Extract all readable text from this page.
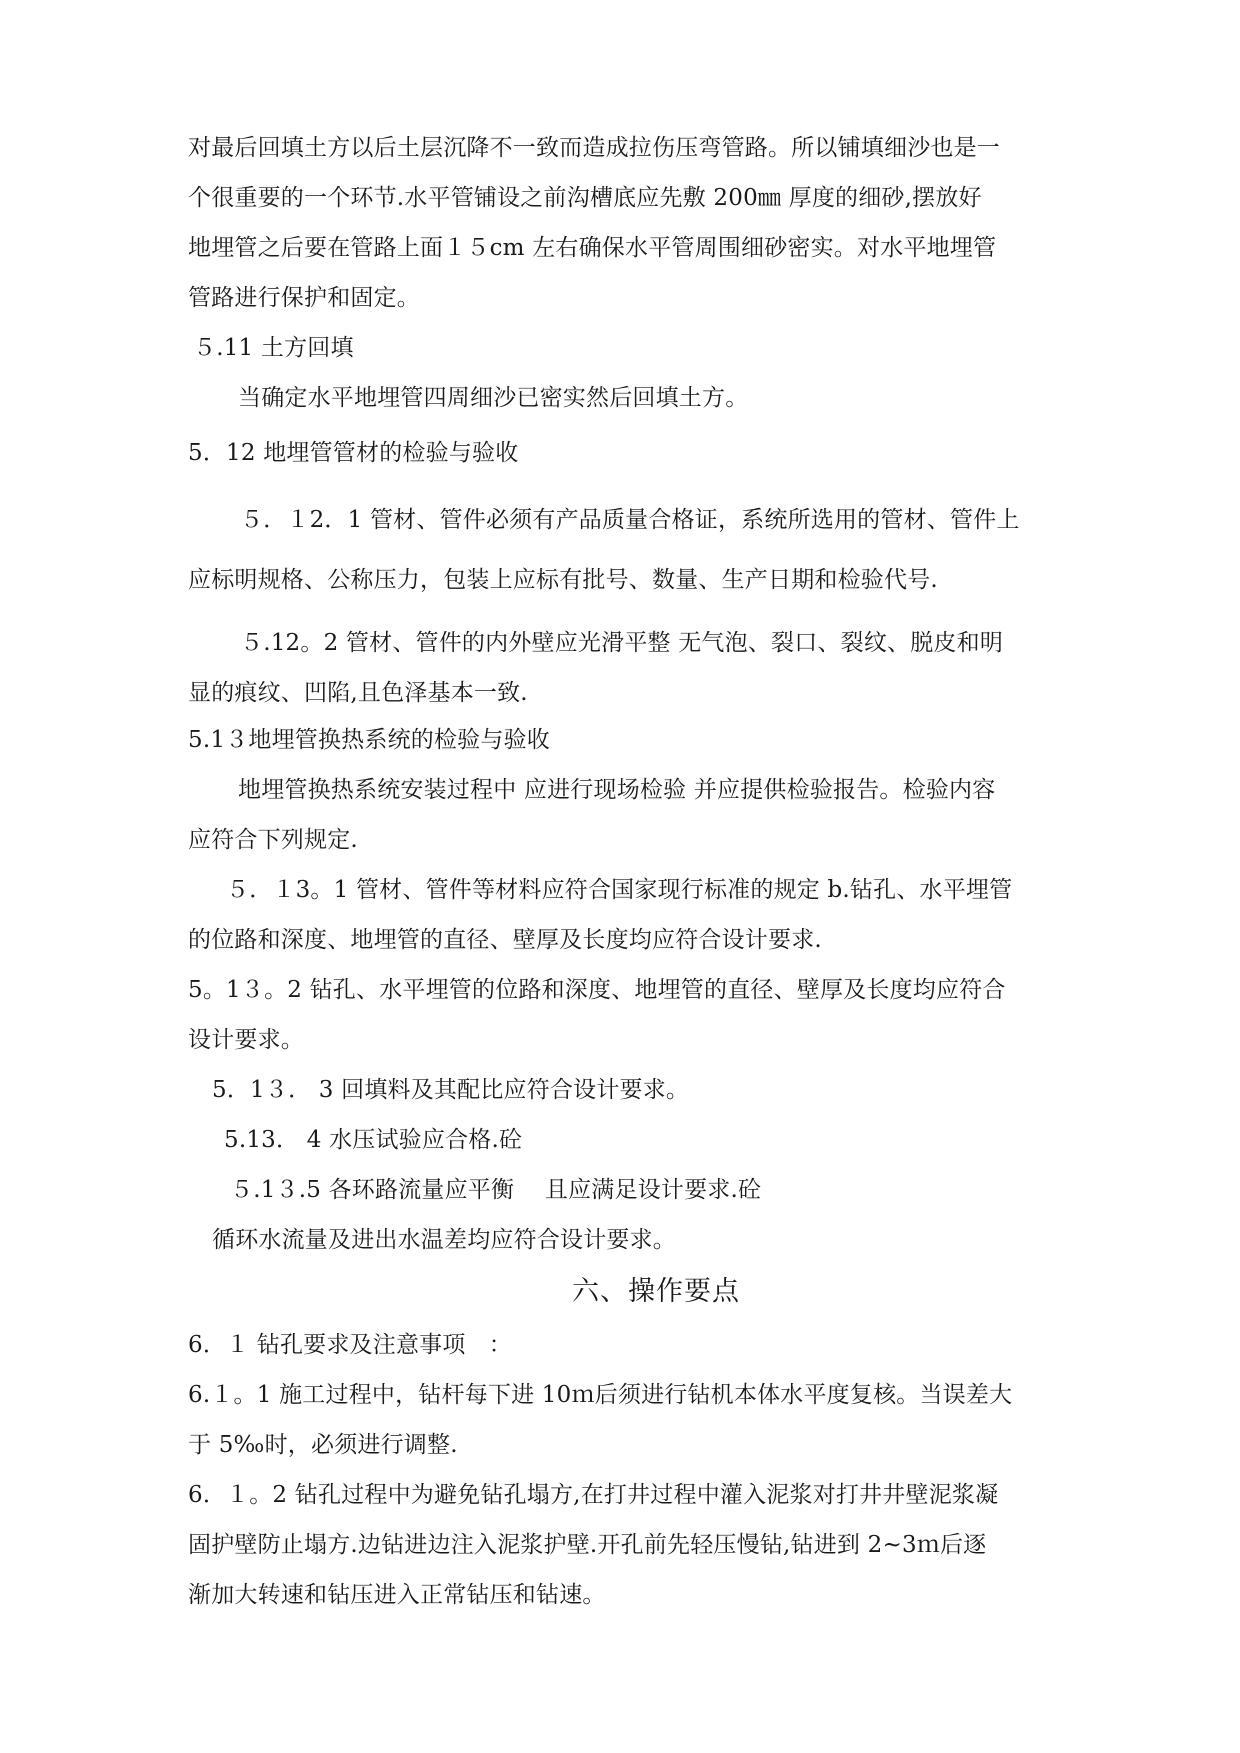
对最后回填土方以后土层沉降不一致而造成拉伤压弯管路。所以铺填细沙也是一
个很重要的一个环节.水平管铺设之前沟槽底应先敷 200㎜ 厚度的细砂,摆放好
地埋管之后要在管路上面１５cm 左右确保水平管周围细砂密实。对水平地埋管
管路进行保护和固定。
５.11 土方回填
当确定水平地埋管四周细沙已密实然后回填土方。
5．12 地埋管管材的检验与验收
５．１2．1 管材、管件必须有产品质量合格证，系统所选用的管材、管件上
应标明规格、公称压力，包装上应标有批号、数量、生产日期和检验代号.
５.12。2 管材、管件的内外壁应光滑平整 无气泡、裂口、裂纹、脱皮和明
显的痕纹、凹陷,且色泽基本一致.
5.1３地埋管换热系统的检验与验收
地埋管换热系统安装过程中 应进行现场检验 并应提供检验报告。检验内容
应符合下列规定.
５．１3。1 管材、管件等材料应符合国家现行标准的规定 b.钻孔、水平埋管
的位路和深度、地埋管的直径、壁厚及长度均应符合设计要求.
5。1３。2 钻孔、水平埋管的位路和深度、地埋管的直径、壁厚及长度均应符合
设计要求。
5．1３． 3 回填料及其配比应符合设计要求。
5.13． 4 水压试验应合格.砼
５.1３.5 各环路流量应平衡　 且应满足设计要求.砼
循环水流量及进出水温差均应符合设计要求。
六、操作要点
6．１ 钻孔要求及注意事项　：
6.１。1 施工过程中，钻杆每下进 10ｍ后须进行钻机本体水平度复核。当误差大
于 5‰时，必须进行调整.
6．１。2 钻孔过程中为避免钻孔塌方,在打井过程中灌入泥浆对打井井壁泥浆凝
固护壁防止塌方.边钻进边注入泥浆护壁.开孔前先轻压慢钻,钻进到 2~3ｍ后逐
渐加大转速和钻压进入正常钻压和钻速。
